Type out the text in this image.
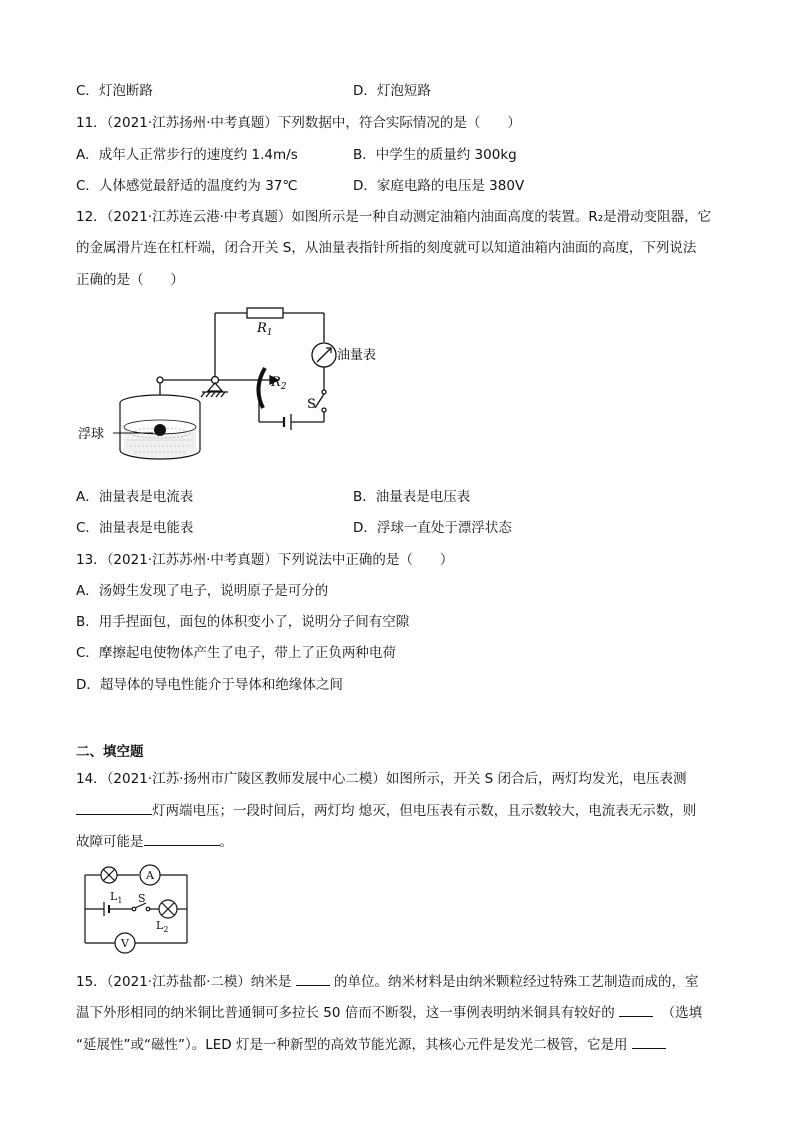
C．灯泡断路	D．灯泡短路
11．（2021·江苏扬州·中考真题）下列数据中，符合实际情况的是（　　）
A．成年人正常步行的速度约 1.4m/s	B．中学生的质量约 300kg
C．人体感觉最舒适的温度约为 37℃	D．家庭电路的电压是 380V
12．（2021·江苏连云港·中考真题）如图所示是一种自动测定油箱内油面高度的装置。R₂是滑动变阻器，它
的金属滑片连在杠杆端，闭合开关 S，从油量表指针所指的刻度就可以知道油箱内油面的高度，下列说法
正确的是（　　）
$R_1$
$R_2$
油量表
S
浮球
A．油量表是电流表	B．油量表是电压表
C．油量表是电能表	D．浮球一直处于漂浮状态
13．（2021·江苏苏州·中考真题）下列说法中正确的是（　　）
A．汤姆生发现了电子，说明原子是可分的
B．用手捏面包，面包的体积变小了，说明分子间有空隙
C．摩擦起电使物体产生了电子，带上了正负两种电荷
D．超导体的导电性能介于导体和绝缘体之间
二、填空题
14．（2021·江苏·扬州市广陵区教师发展中心二模）如图所示，开关 S 闭合后，两灯均发光，电压表测
灯两端电压；一段时间后，两灯均 熄灭，但电压表有示数，且示数较大，电流表无示数，则
故障可能是	。
A
V
$L_1$ S
$L_2$
15．（2021·江苏盐都·二模）纳米是	的单位。纳米材料是由纳米颗粒经过特殊工艺制造而成的，室
温下外形相同的纳米铜比普通铜可多拉长 50 倍而不断裂，这一事例表明纳米铜具有较好的	（选填
“延展性”或“磁性”）。LED 灯是一种新型的高效节能光源，其核心元件是发光二极管，它是用
